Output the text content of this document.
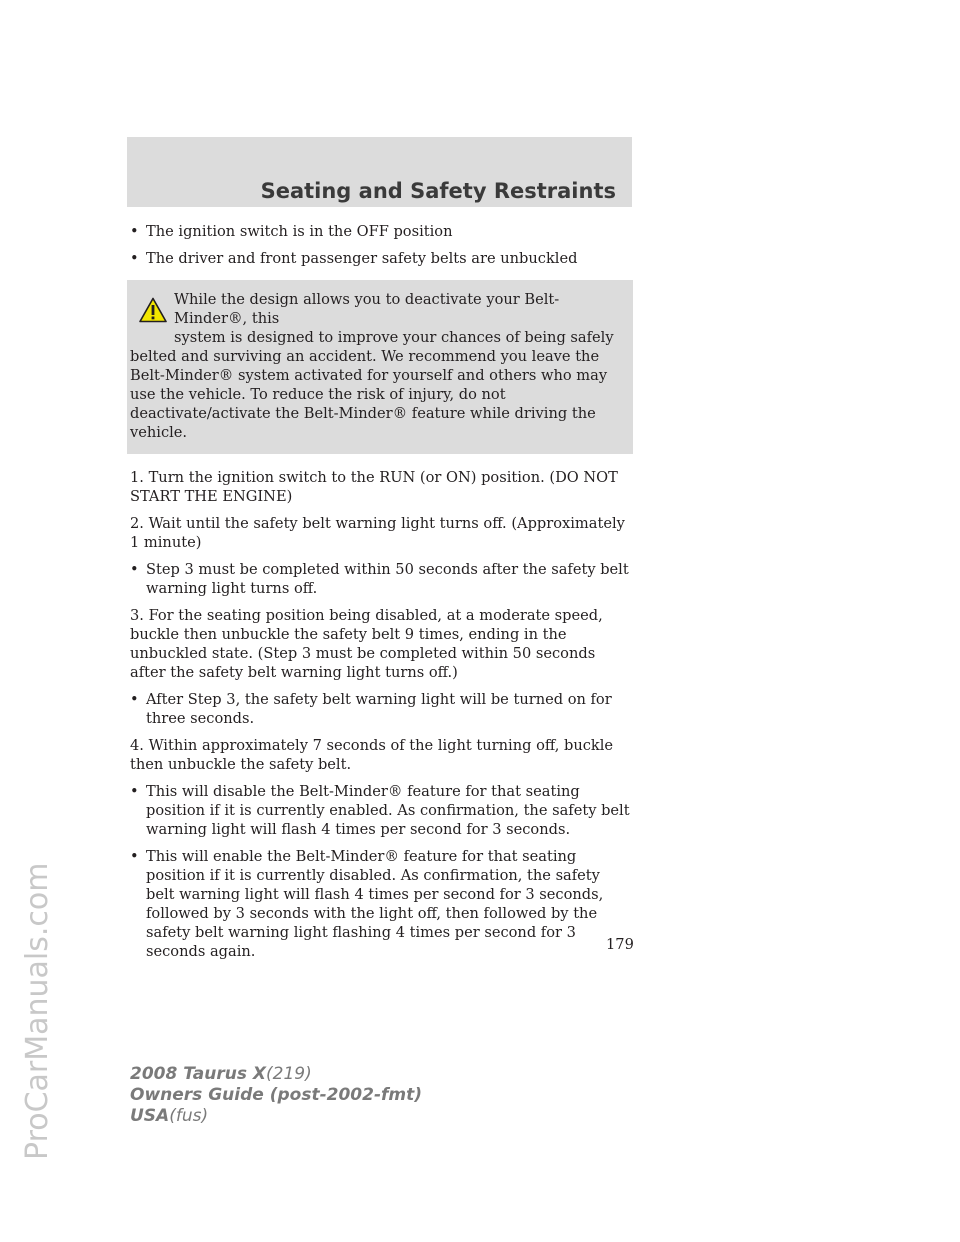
Seating and Safety Restraints
• The ignition switch is in the OFF position
• The driver and front passenger safety belts are unbuckled
While the design allows you to deactivate your Belt-Minder®, this
system is designed to improve your chances of being safely
belted and surviving an accident. We recommend you leave the Belt-Minder® system activated for yourself and others who may use the vehicle. To reduce the risk of injury, do not deactivate/activate the Belt-Minder® feature while driving the vehicle.

1. Turn the ignition switch to the RUN (or ON) position. (DO NOT START THE ENGINE)

2. Wait until the safety belt warning light turns off. (Approximately 1 minute)

• Step 3 must be completed within 50 seconds after the safety belt warning light turns off.

3. For the seating position being disabled, at a moderate speed, buckle then unbuckle the safety belt 9 times, ending in the unbuckled state. (Step 3 must be completed within 50 seconds after the safety belt warning light turns off.)

• After Step 3, the safety belt warning light will be turned on for three seconds.

4. Within approximately 7 seconds of the light turning off, buckle then unbuckle the safety belt.

• This will disable the Belt-Minder® feature for that seating position if it is currently enabled. As confirmation, the safety belt warning light will flash 4 times per second for 3 seconds.
• This will enable the Belt-Minder® feature for that seating position if it is currently disabled. As confirmation, the safety belt warning light will flash 4 times per second for 3 seconds, followed by 3 seconds with the light off, then followed by the safety belt warning light flashing 4 times per second for 3 seconds again.	179
2008 Taurus X(219)
Owners Guide (post-2002-fmt)
USA(fus)
ProCarManuals.com
